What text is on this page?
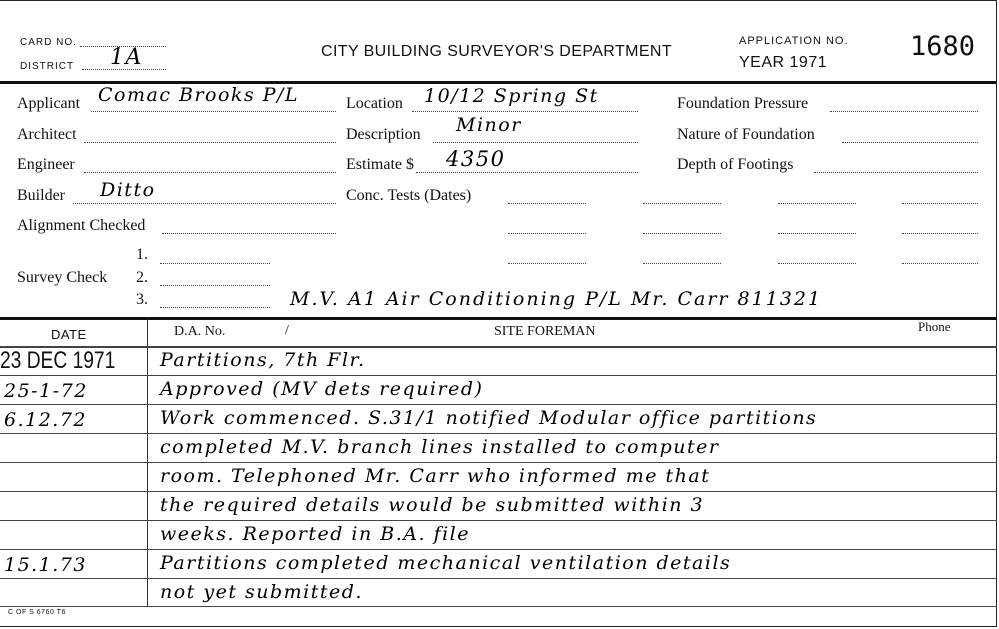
CARD NO.
DISTRICT 1A	CITY BUILDING SURVEYOR'S DEPARTMENT
APPLICATION NO.
YEAR 1971
1680
Applicant Comac Brooks P/L
Architect
Engineer
Builder Ditto
Alignment Checked
1.
Survey Check 2.
3.	M.V. A1 Air Conditioning P/L Mr. Carr 811321
Location 10/12 Spring St
Description Minor
Estimate $ 4350
Conc. Tests (Dates)
Foundation Pressure
Nature of Foundation
Depth of Footings
DATE	D.A. No.	/	SITE FOREMAN	Phone
23 DEC 1971 Partitions, 7th Flr.
25-1-72	Approved (MV dets required)
6.12.72	Work commenced. S.31/1 notified Modular office partitions
completed M.V. branch lines installed to computer
room. Telephoned Mr. Carr who informed me that
the required details would be submitted within 3
weeks. Reported in B.A. file
15.1.73	Partitions completed mechanical ventilation details
not yet submitted.
C OF S 6760 T6
